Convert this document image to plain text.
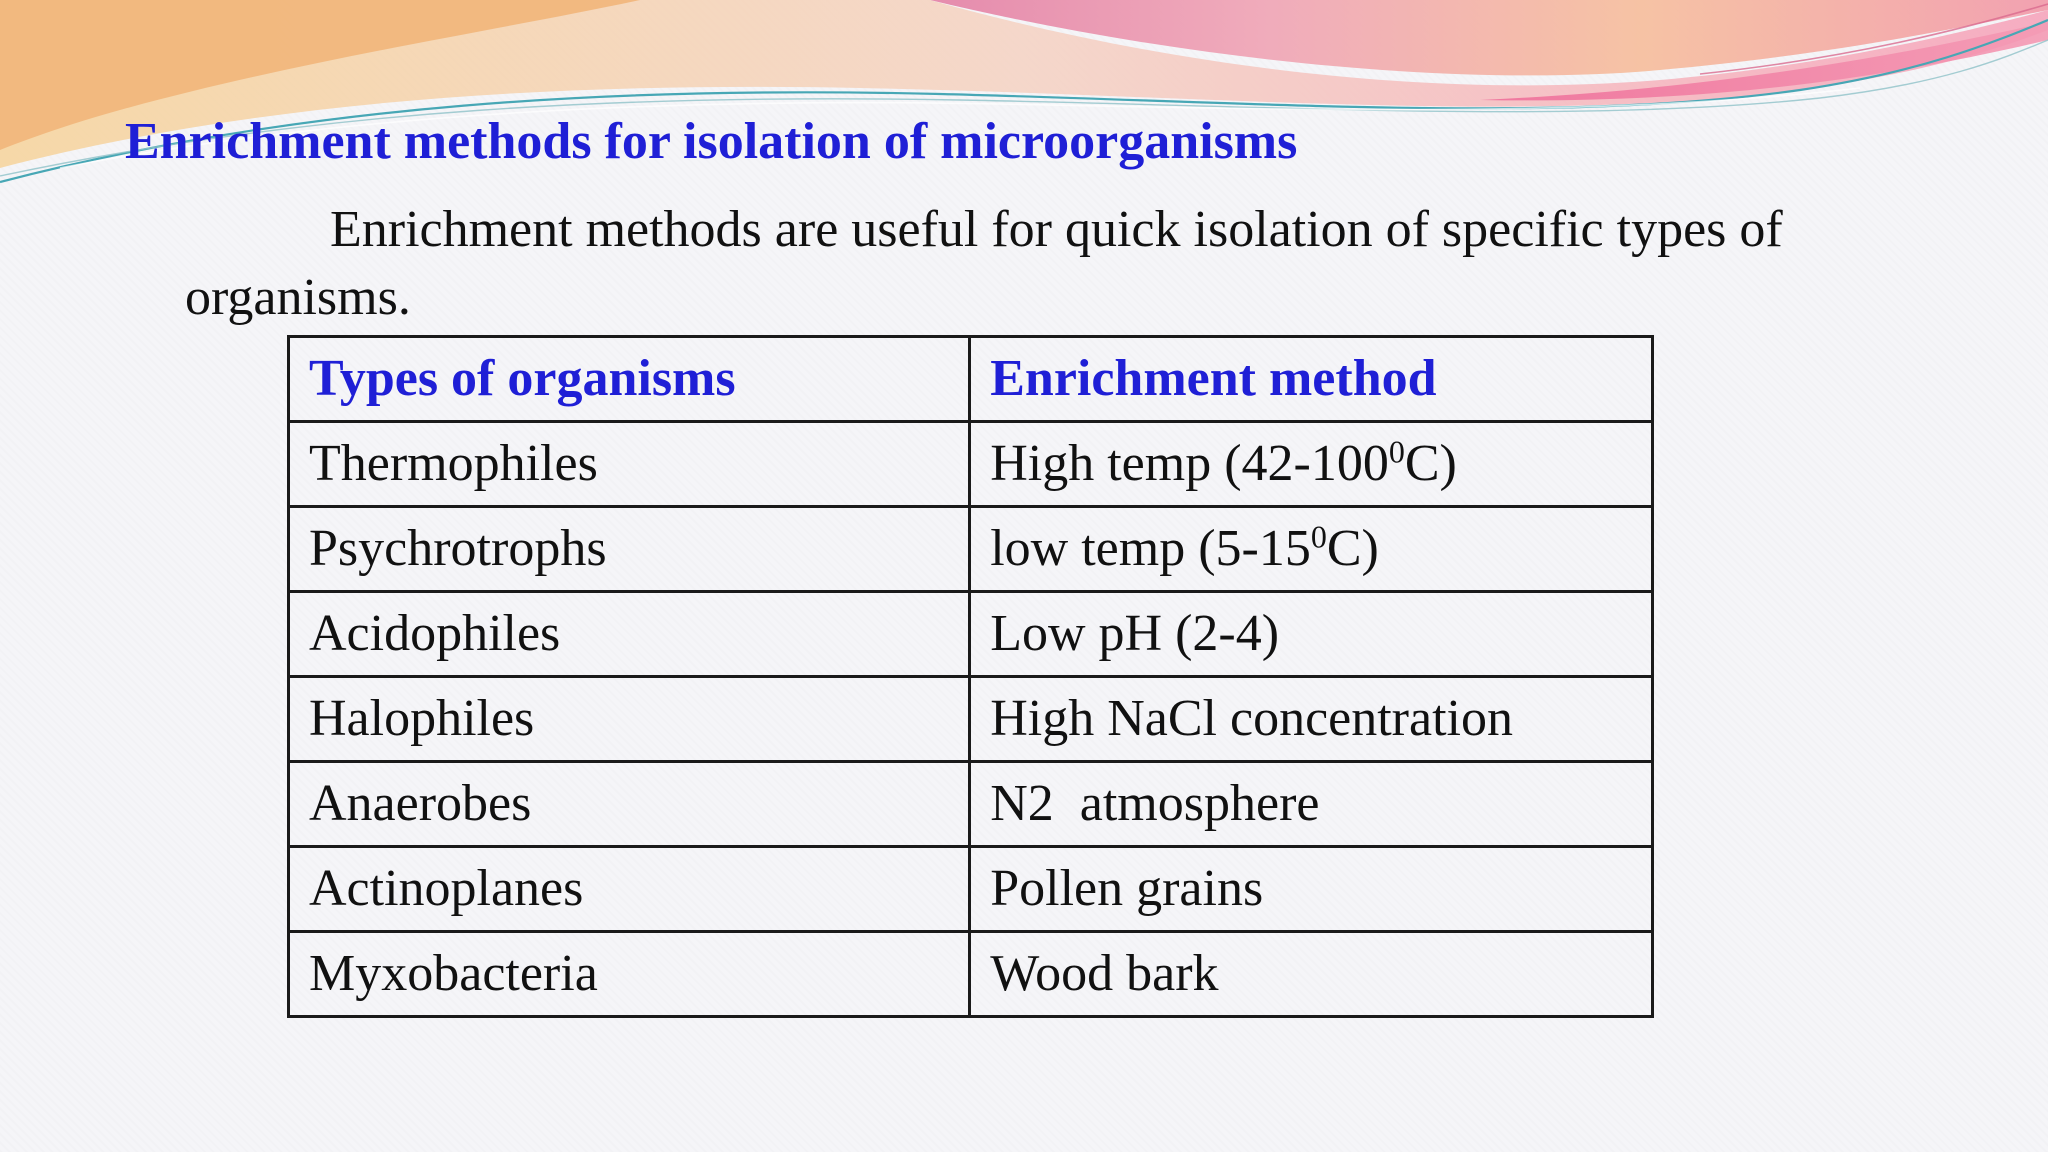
Enrichment methods for isolation of microorganisms

Enrichment methods are useful for quick isolation of specific types of organisms.

Types of organisms	Enrichment method
Thermophiles	High temp $(42-100^0C)$
Psychrotrophs	low temp $(5-15^0C)$
Acidophiles	Low pH (2-4)
Halophiles	High NaCl concentration
Anaerobes	N2  atmosphere
Actinoplanes	Pollen grains
Myxobacteria	Wood bark
